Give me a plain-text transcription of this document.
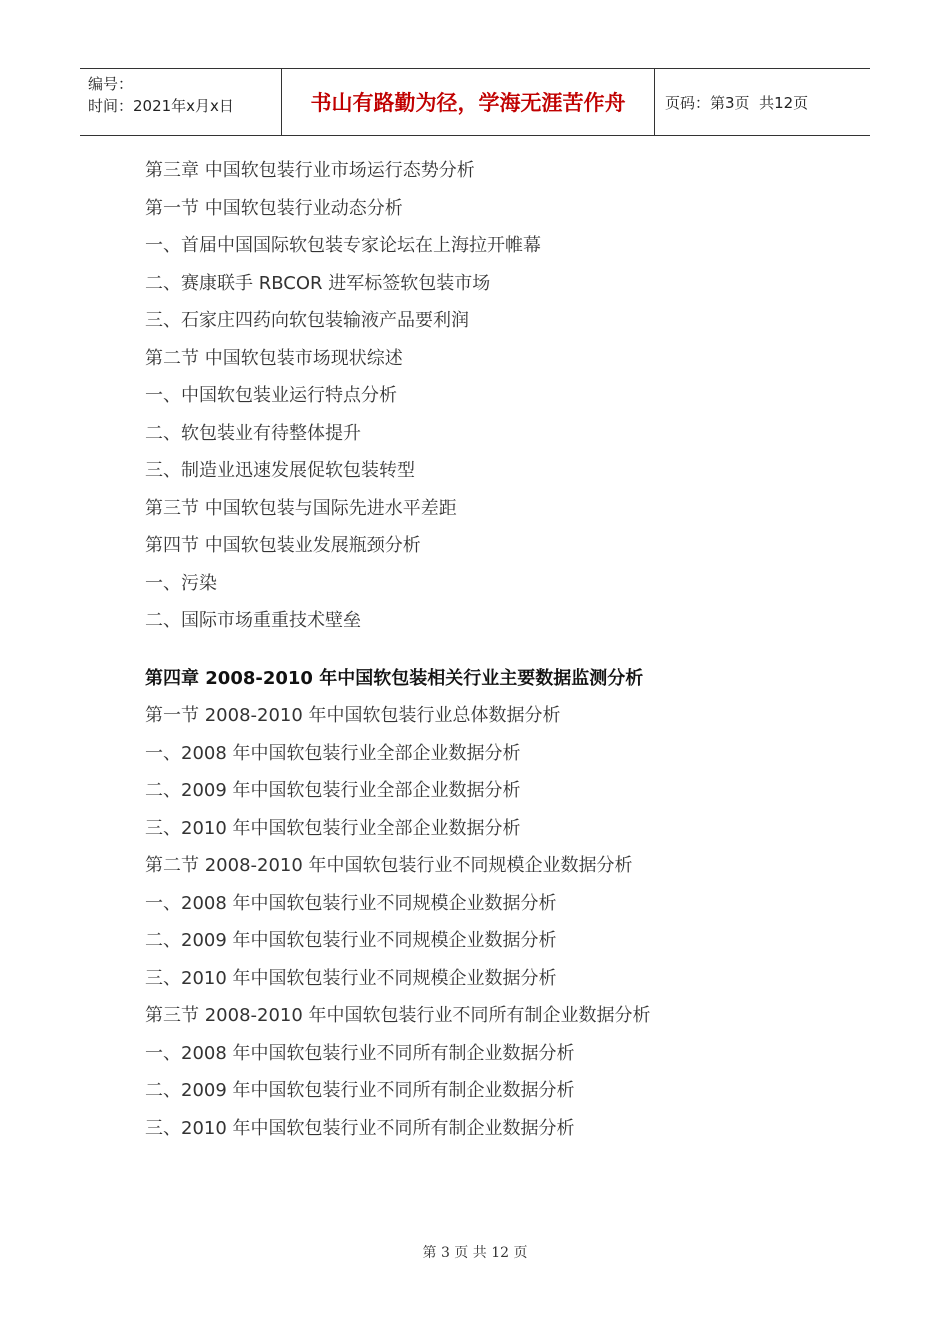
编号：
时间：2021年x月x日	书山有路勤为径，学海无涯苦作舟	页码：第3页  共12页
第三章 中国软包装行业市场运行态势分析
第一节 中国软包装行业动态分析
一、首届中国国际软包装专家论坛在上海拉开帷幕
二、赛康联手 RBCOR 进军标签软包装市场
三、石家庄四药向软包装输液产品要利润
第二节 中国软包装市场现状综述
一、中国软包装业运行特点分析
二、软包装业有待整体提升
三、制造业迅速发展促软包装转型
第三节 中国软包装与国际先进水平差距
第四节 中国软包装业发展瓶颈分析
一、污染
二、国际市场重重技术壁垒
第四章 2008-2010 年中国软包装相关行业主要数据监测分析
第一节 2008-2010 年中国软包装行业总体数据分析
一、2008 年中国软包装行业全部企业数据分析
二、2009 年中国软包装行业全部企业数据分析
三、2010 年中国软包装行业全部企业数据分析
第二节 2008-2010 年中国软包装行业不同规模企业数据分析
一、2008 年中国软包装行业不同规模企业数据分析
二、2009 年中国软包装行业不同规模企业数据分析
三、2010 年中国软包装行业不同规模企业数据分析
第三节 2008-2010 年中国软包装行业不同所有制企业数据分析
一、2008 年中国软包装行业不同所有制企业数据分析
二、2009 年中国软包装行业不同所有制企业数据分析
三、2010 年中国软包装行业不同所有制企业数据分析
第 3 页 共 12 页
